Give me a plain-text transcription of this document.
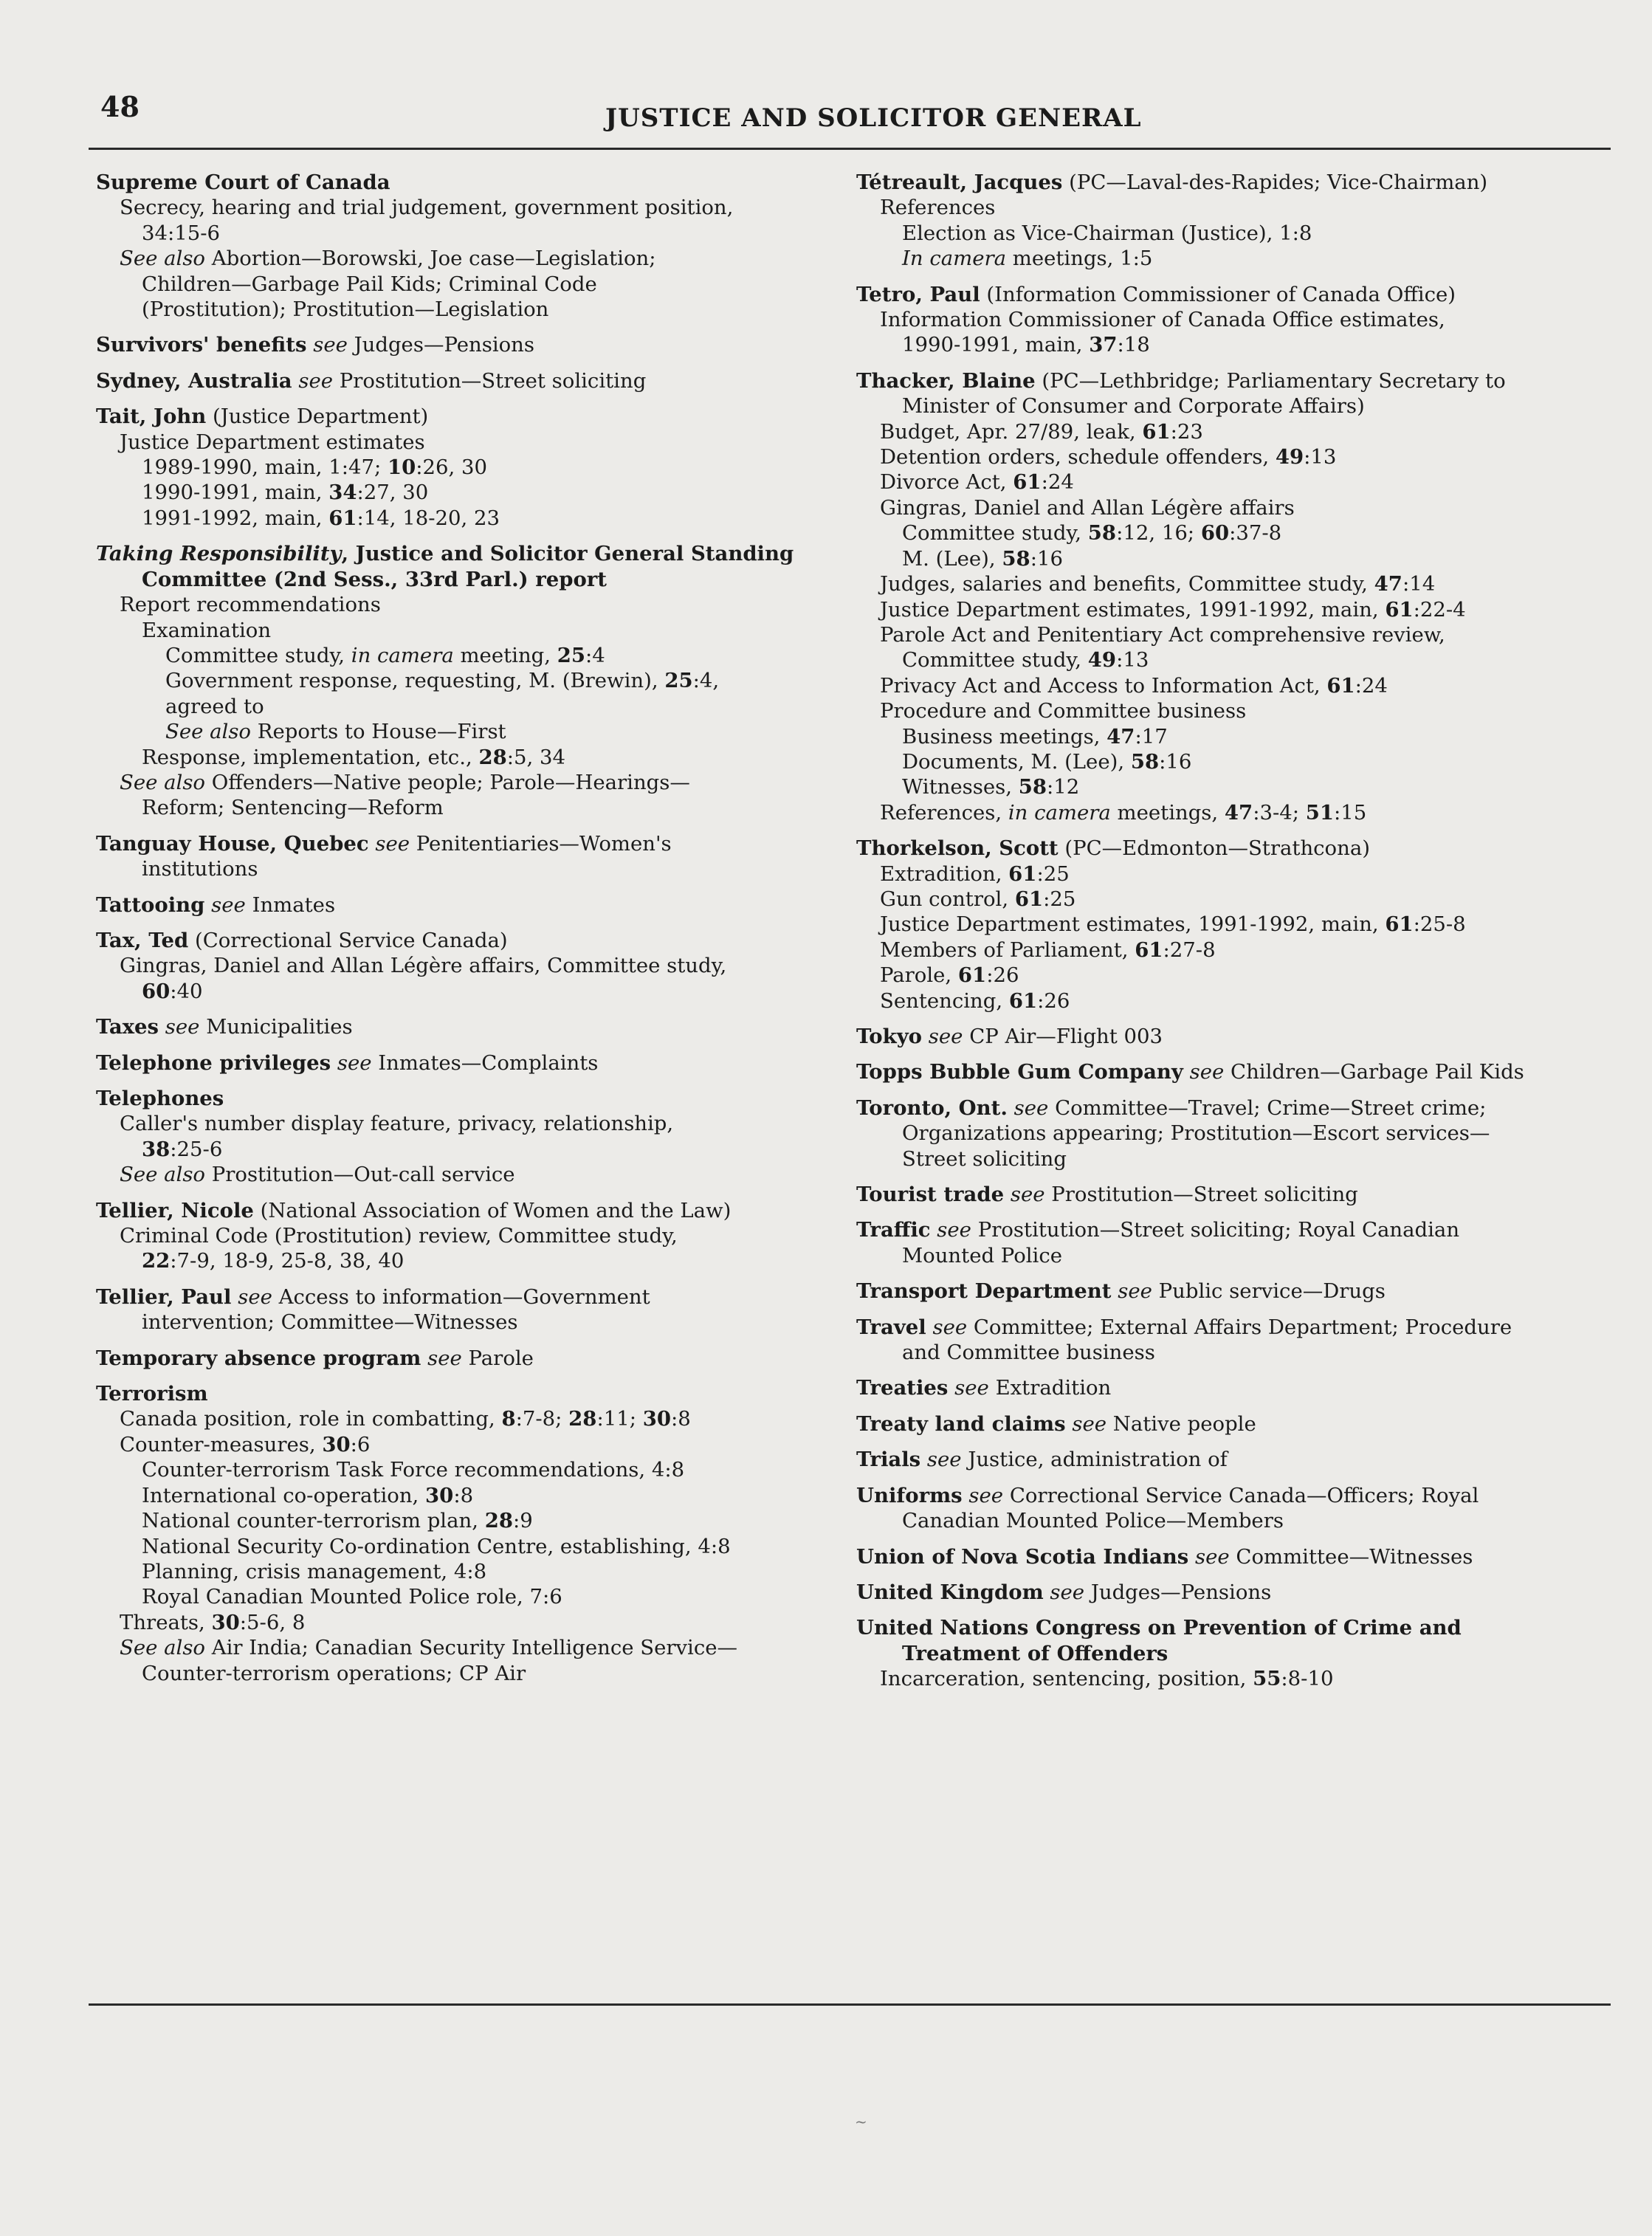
48	JUSTICE AND SOLICITOR GENERAL
Supreme Court of Canada
Secrecy, hearing and trial judgement, government position,
34:15-6
See also Abortion—Borowski, Joe case—Legislation;
Children—Garbage Pail Kids; Criminal Code
(Prostitution); Prostitution—Legislation
Survivors' benefits see Judges—Pensions
Sydney, Australia see Prostitution—Street soliciting
Tait, John (Justice Department)
Justice Department estimates
1989-1990, main, 1:47; 10:26, 30
1990-1991, main, 34:27, 30
1991-1992, main, 61:14, 18-20, 23
Taking Responsibility, Justice and Solicitor General Standing
Committee (2nd Sess., 33rd Parl.) report
Report recommendations
Examination
Committee study, in camera meeting, 25:4
Government response, requesting, M. (Brewin), 25:4,
agreed to
See also Reports to House—First
Response, implementation, etc., 28:5, 34
See also Offenders—Native people; Parole—Hearings—
Reform; Sentencing—Reform
Tanguay House, Quebec see Penitentiaries—Women's
institutions
Tattooing see Inmates
Tax, Ted (Correctional Service Canada)
Gingras, Daniel and Allan Légère affairs, Committee study,
60:40
Taxes see Municipalities
Telephone privileges see Inmates—Complaints
Telephones
Caller's number display feature, privacy, relationship,
38:25-6
See also Prostitution—Out-call service
Tellier, Nicole (National Association of Women and the Law)
Criminal Code (Prostitution) review, Committee study,
22:7-9, 18-9, 25-8, 38, 40
Tellier, Paul see Access to information—Government
intervention; Committee—Witnesses
Temporary absence program see Parole
Terrorism
Canada position, role in combatting, 8:7-8; 28:11; 30:8
Counter-measures, 30:6
Counter-terrorism Task Force recommendations, 4:8
International co-operation, 30:8
National counter-terrorism plan, 28:9
National Security Co-ordination Centre, establishing, 4:8
Planning, crisis management, 4:8
Royal Canadian Mounted Police role, 7:6
Threats, 30:5-6, 8
See also Air India; Canadian Security Intelligence Service—
Counter-terrorism operations; CP Air
Tétreault, Jacques (PC—Laval-des-Rapides; Vice-Chairman)
References
Election as Vice-Chairman (Justice), 1:8
In camera meetings, 1:5
Tetro, Paul (Information Commissioner of Canada Office)
Information Commissioner of Canada Office estimates,
1990-1991, main, 37:18
Thacker, Blaine (PC—Lethbridge; Parliamentary Secretary to
Minister of Consumer and Corporate Affairs)
Budget, Apr. 27/89, leak, 61:23
Detention orders, schedule offenders, 49:13
Divorce Act, 61:24
Gingras, Daniel and Allan Légère affairs
Committee study, 58:12, 16; 60:37-8
M. (Lee), 58:16
Judges, salaries and benefits, Committee study, 47:14
Justice Department estimates, 1991-1992, main, 61:22-4
Parole Act and Penitentiary Act comprehensive review,
Committee study, 49:13
Privacy Act and Access to Information Act, 61:24
Procedure and Committee business
Business meetings, 47:17
Documents, M. (Lee), 58:16
Witnesses, 58:12
References, in camera meetings, 47:3-4; 51:15
Thorkelson, Scott (PC—Edmonton—Strathcona)
Extradition, 61:25
Gun control, 61:25
Justice Department estimates, 1991-1992, main, 61:25-8
Members of Parliament, 61:27-8
Parole, 61:26
Sentencing, 61:26
Tokyo see CP Air—Flight 003
Topps Bubble Gum Company see Children—Garbage Pail Kids
Toronto, Ont. see Committee—Travel; Crime—Street crime;
Organizations appearing; Prostitution—Escort services—
Street soliciting
Tourist trade see Prostitution—Street soliciting
Traffic see Prostitution—Street soliciting; Royal Canadian
Mounted Police
Transport Department see Public service—Drugs
Travel see Committee; External Affairs Department; Procedure
and Committee business
Treaties see Extradition
Treaty land claims see Native people
Trials see Justice, administration of
Uniforms see Correctional Service Canada—Officers; Royal
Canadian Mounted Police—Members
Union of Nova Scotia Indians see Committee—Witnesses
United Kingdom see Judges—Pensions
United Nations Congress on Prevention of Crime and
Treatment of Offenders
Incarceration, sentencing, position, 55:8-10
~
